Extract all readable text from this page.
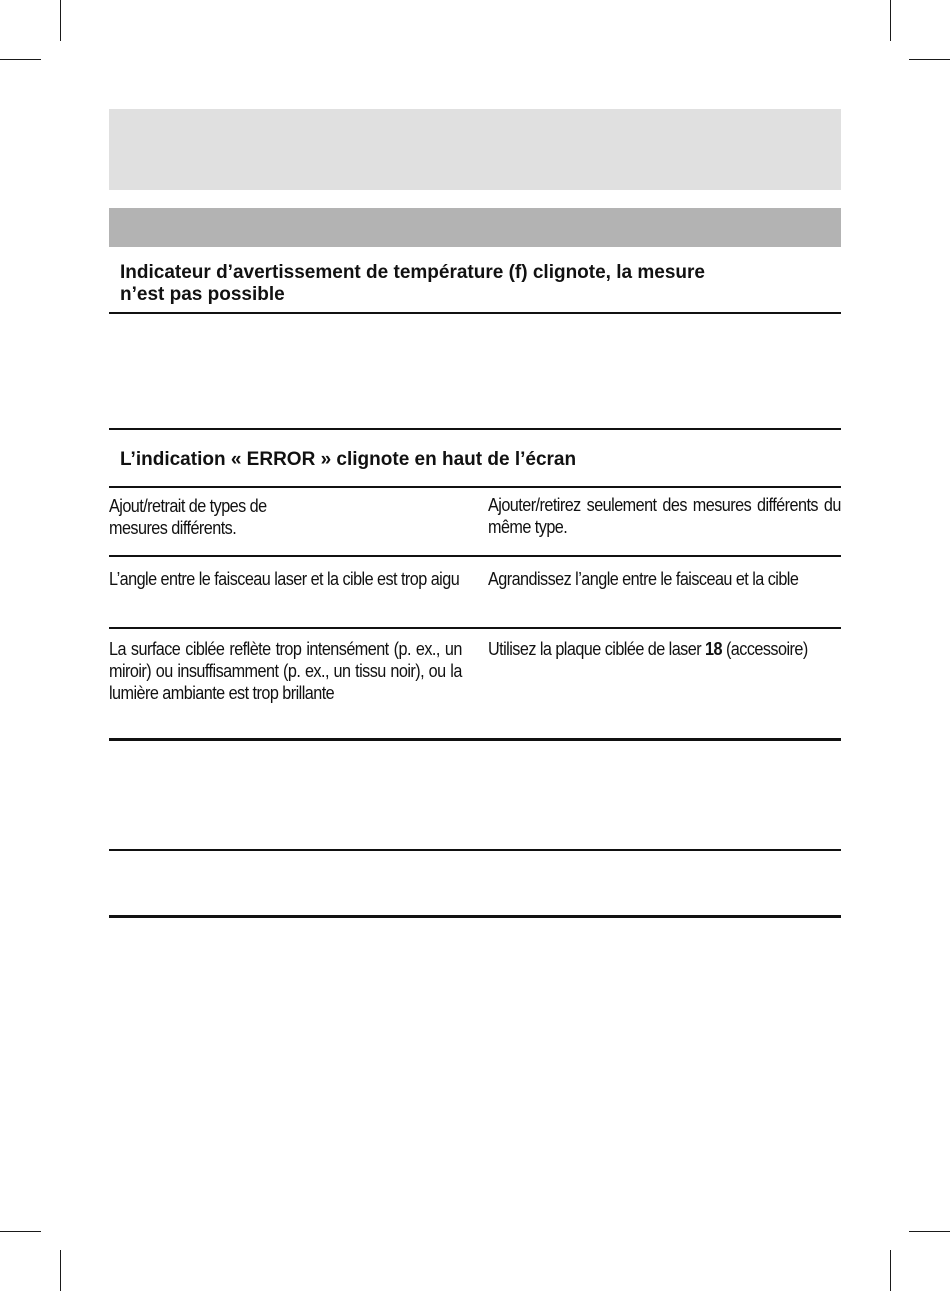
Indicateur d’avertissement de température (f) clignote, la mesure
n’est pas possible
L’indication « ERROR » clignote en haut de l’écran

Ajout/retrait de types de
mesures différents.

Ajouter/retirez seulement des mesures différents du même type.

L’angle entre le faisceau laser et la cible est trop aigu Agrandissez l’angle entre le faisceau et la cible

La surface ciblée reflète trop intensément (p. ex., un miroir) ou insuffisamment (p. ex., un tissu noir), ou la lumière ambiante est trop brillante

Utilisez la plaque ciblée de laser 18 (accessoire)
